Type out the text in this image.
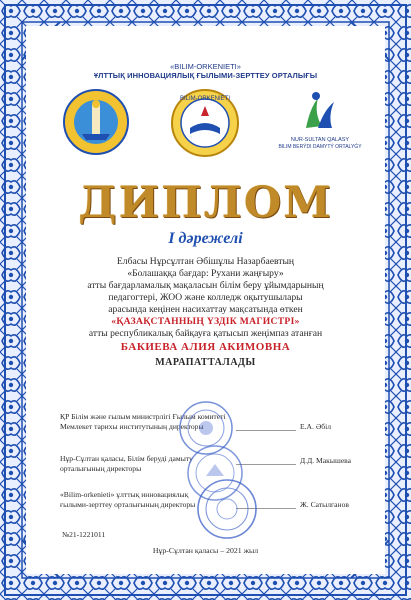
«BILIM-ORKENIETI»
ҰЛТТЫҚ ИННОВАЦИЯЛЫҚ ҒЫЛЫМИ-ЗЕРТТЕУ ОРТАЛЫҒЫ
BILIM-ORKENIETI
NUR-SULTAN QALASY
BILIM BERÝDI DAMYTÝ ORTALYǴY
ДИПЛОМ
I дәрежелі
Елбасы Нұрсұлтан Әбішұлы Назарбаевтың
«Болашаққа бағдар: Рухани жаңғыру»
атты бағдарламалық мақаласын білім беру ұйымдарының
педагогтері, ЖОО және колледж оқытушылары
арасында кеңінен насихаттау мақсатында өткен
«ҚАЗАҚСТАННЫҢ ҮЗДІК МАГИСТРІ»
атты республикалық байқауға қатысып жеңімпаз атанған
БАКИЕВА АЛИЯ АКИМОВНА
МАРАПАТТАЛАДЫ
ҚР Білім және ғылым министрлігі Ғылым комитеті
Мемлекет тарихы институтының директоры	Е.А. Әбіл
Нұр-Сұлтан қаласы, Білім беруді дамыту
орталығының директоры
Д.Д. Макышева
«Bilim-orkenieti» ұлттық инновациялық
ғылыми-зерттеу орталығының директоры	Ж. Сатылганов
№21-1221011
Нұр-Сұлтан қаласы – 2021 жыл
